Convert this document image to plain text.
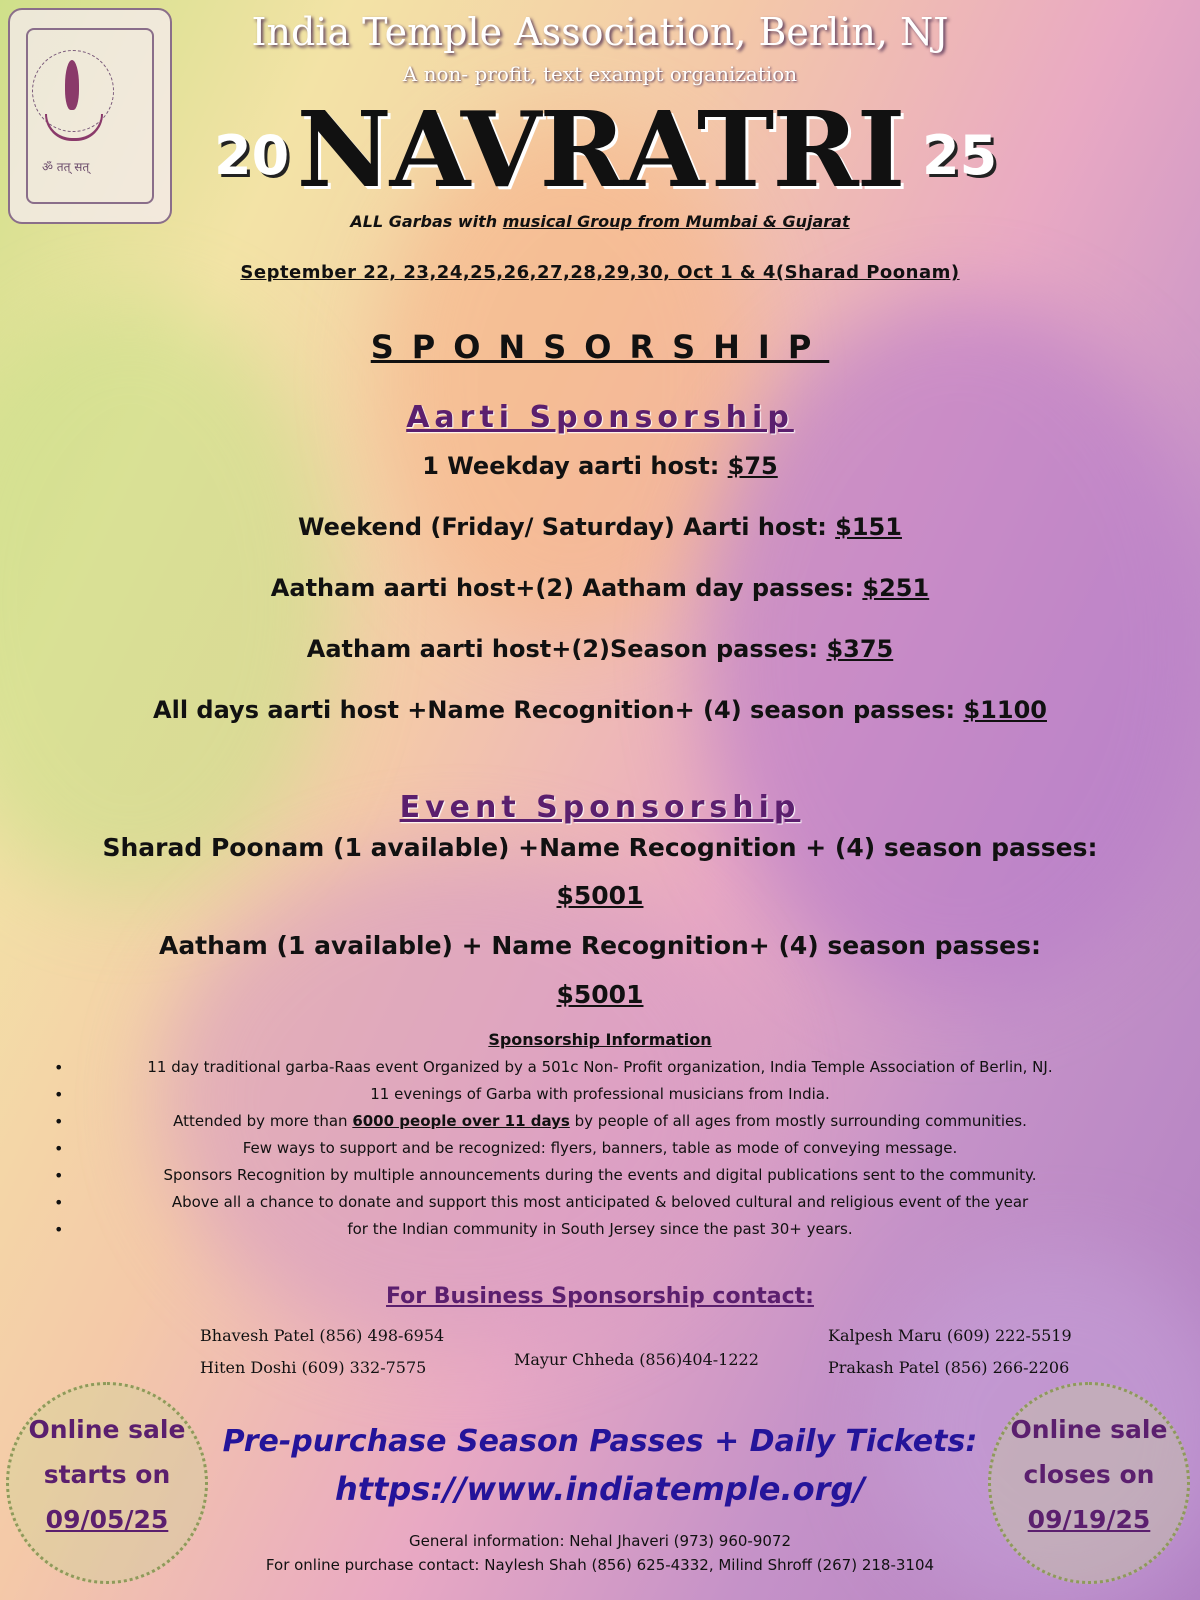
ॐ तत् सत्
India Temple Association, Berlin, NJ
A non- profit, text exampt organization
NAVRATRI
20	25
ALL Garbas with musical Group from Mumbai & Gujarat
September 22, 23,24,25,26,27,28,29,30, Oct 1 & 4(Sharad Poonam)
SPONSORSHIP
Aarti Sponsorship
1 Weekday aarti host: $75
Weekend (Friday/ Saturday) Aarti host: $151
Aatham aarti host+(2) Aatham day passes: $251
Aatham aarti host+(2)Season passes: $375
All days aarti host +Name Recognition+ (4) season passes: $1100
Event Sponsorship
Sharad Poonam (1 available) +Name Recognition + (4) season passes:
$5001
Aatham (1 available) + Name Recognition+ (4) season passes:
$5001
Sponsorship Information
• 11 day traditional garba-Raas event Organized by a 501c Non- Profit organization, India Temple Association of Berlin, NJ.
• 11 evenings of Garba with professional musicians from India.
• Attended by more than 6000 people over 11 days by people of all ages from mostly surrounding communities.
• Few ways to support and be recognized: flyers, banners, table as mode of conveying message.
• Sponsors Recognition by multiple announcements during the events and digital publications sent to the community.
• Above all a chance to donate and support this most anticipated & beloved cultural and religious event of the year
• for the Indian community in South Jersey since the past 30+ years.
For Business Sponsorship contact:
Bhavesh Patel (856) 498-6954
Hiten Doshi (609) 332-7575	Mayur Chheda (856)404-1222
Kalpesh Maru (609) 222-5519
Prakash Patel (856) 266-2206
Online sale
starts on
09/05/25
Online sale
closes on
09/19/25
Pre-purchase Season Passes + Daily Tickets:
https://www.indiatemple.org/
General information: Nehal Jhaveri (973) 960-9072
For online purchase contact: Naylesh Shah (856) 625-4332, Milind Shroff (267) 218-3104
